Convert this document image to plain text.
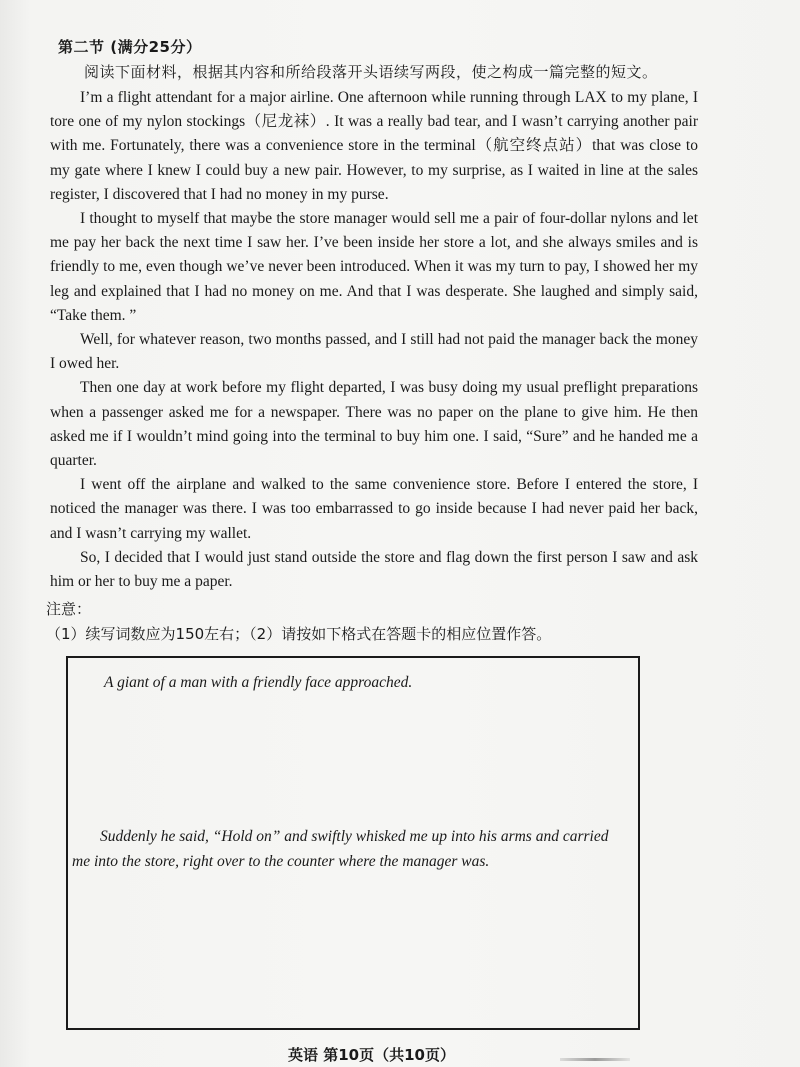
第二节 (满分25分）
阅读下面材料，根据其内容和所给段落开头语续写两段，使之构成一篇完整的短文。

I’m a flight attendant for a major airline. One afternoon while running through LAX to my plane, I tore one of my nylon stockings（尼龙袜）. It was a really bad tear, and I wasn’t carrying another pair with me. Fortunately, there was a convenience store in the terminal（航空终点站）that was close to my gate where I knew I could buy a new pair. However, to my surprise, as I waited in line at the sales register, I discovered that I had no money in my purse.

I thought to myself that maybe the store manager would sell me a pair of four-dollar nylons and let me pay her back the next time I saw her. I’ve been inside her store a lot, and she always smiles and is friendly to me, even though we’ve never been introduced. When it was my turn to pay, I showed her my leg and explained that I had no money on me. And that I was desperate. She laughed and simply said, “Take them. ”

Well, for whatever reason, two months passed, and I still had not paid the manager back the money I owed her.

Then one day at work before my flight departed, I was busy doing my usual preflight preparations when a passenger asked me for a newspaper. There was no paper on the plane to give him. He then asked me if I wouldn’t mind going into the terminal to buy him one. I said, “Sure” and he handed me a quarter.

I went off the airplane and walked to the same convenience store. Before I entered the store, I noticed the manager was there. I was too embarrassed to go inside because I had never paid her back, and I wasn’t carrying my wallet.

So, I decided that I would just stand outside the store and flag down the first person I saw and ask him or her to buy me a paper.

注意：
（1）续写词数应为150左右；（2）请按如下格式在答题卡的相应位置作答。
A giant of a man with a friendly face approached.
Suddenly he said, “Hold on” and swiftly whisked me up into his arms and carried
me into the store, right over to the counter where the manager was.
英语 第10页（共10页）
